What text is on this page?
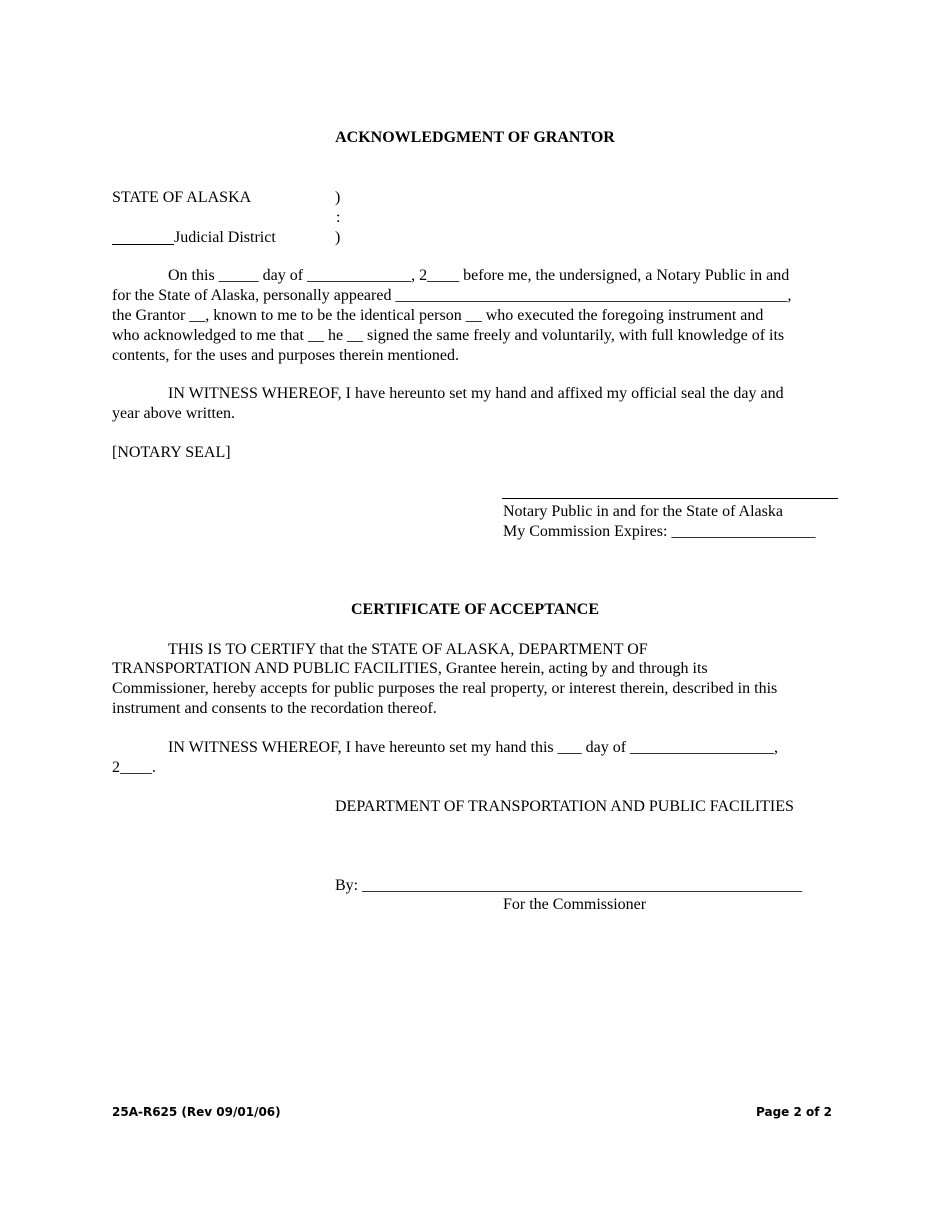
ACKNOWLEDGMENT OF GRANTOR
STATE OF ALASKA	)
:
)
Judicial District
On this _____ day of _____________, 2____ before me, the undersigned, a Notary Public in and
for the State of Alaska, personally appeared _________________________________________________,
the Grantor __, known to me to be the identical person __ who executed the foregoing instrument and
who acknowledged to me that __ he __ signed the same freely and voluntarily, with full knowledge of its
contents, for the uses and purposes therein mentioned.
IN WITNESS WHEREOF, I have hereunto set my hand and affixed my official seal the day and
year above written.
[NOTARY SEAL]
Notary Public in and for the State of Alaska
My Commission Expires: __________________
CERTIFICATE OF ACCEPTANCE
THIS IS TO CERTIFY that the STATE OF ALASKA, DEPARTMENT OF
TRANSPORTATION AND PUBLIC FACILITIES, Grantee herein, acting by and through its
Commissioner, hereby accepts for public purposes the real property, or interest therein, described in this
instrument and consents to the recordation thereof.
IN WITNESS WHEREOF, I have hereunto set my hand this ___ day of __________________,
2____.
DEPARTMENT OF TRANSPORTATION AND PUBLIC FACILITIES
By: _______________________________________________________
For the Commissioner
25A-R625 (Rev 09/01/06)	Page 2 of 2
